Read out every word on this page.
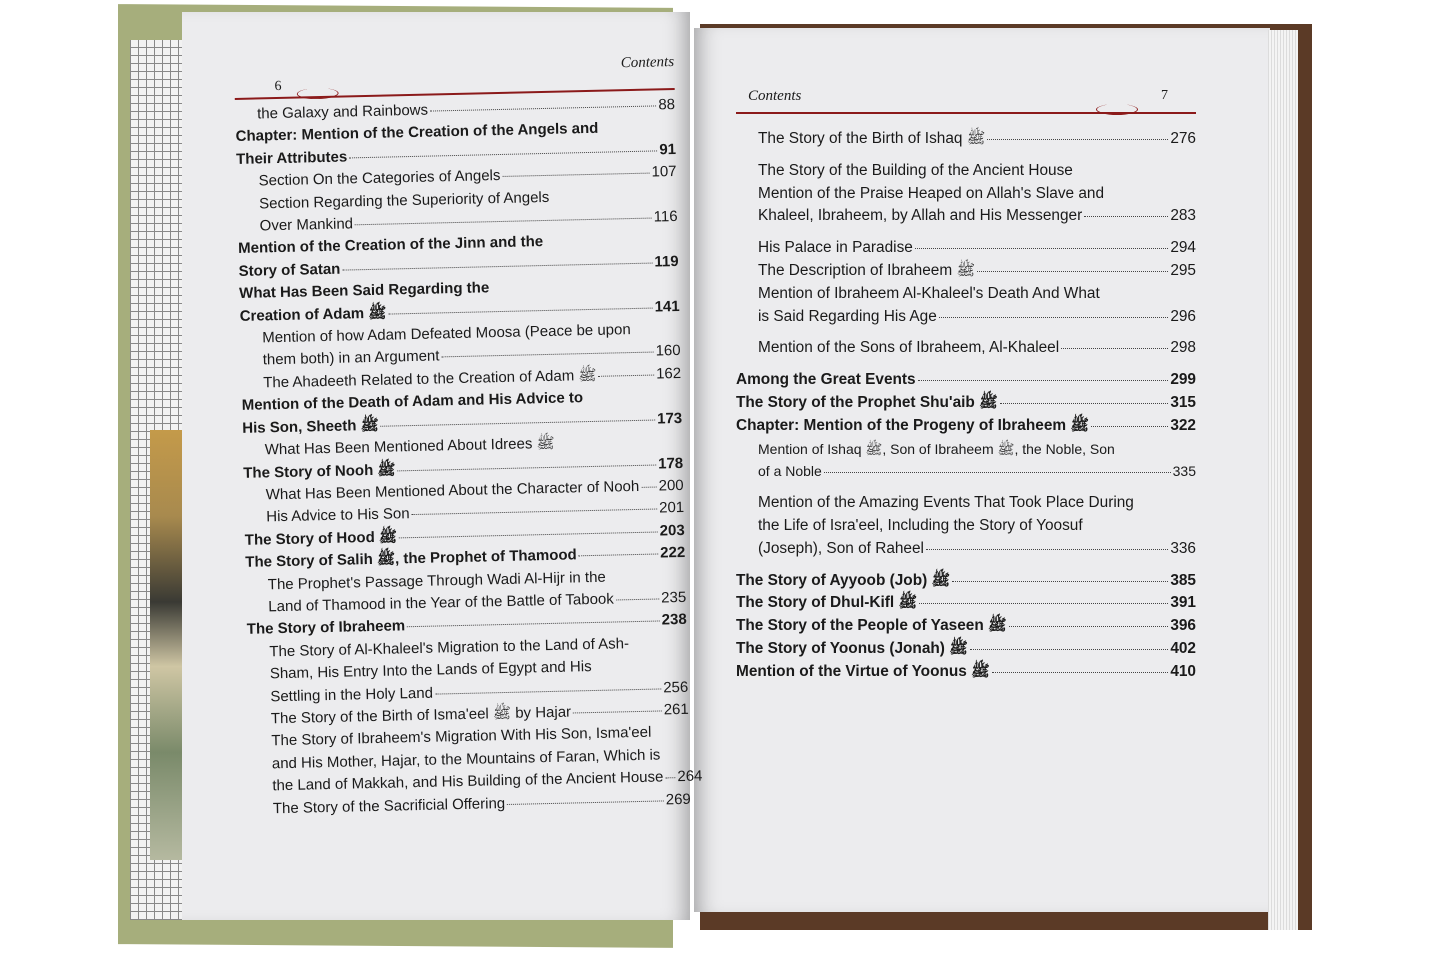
6
Contents
the Galaxy and Rainbows	88
Chapter: Mention of the Creation of the Angels and
Their Attributes	91
Section On the Categories of Angels	107
Section Regarding the Superiority of Angels
Over Mankind	116
Mention of the Creation of the Jinn and the
Story of Satan	119
What Has Been Said Regarding the
Creation of Adam ﷺ	141
Mention of how Adam Defeated Moosa (Peace be upon
them both) in an Argument	160
The Ahadeeth Related to the Creation of Adam ﷺ	162
Mention of the Death of Adam and His Advice to
His Son, Sheeth ﷺ	173
What Has Been Mentioned About Idrees ﷺ
The Story of Nooh ﷺ	178
What Has Been Mentioned About the Character of Nooh 200
His Advice to His Son	201
The Story of Hood ﷺ	203
The Story of Salih ﷺ, the Prophet of Thamood	222
The Prophet's Passage Through Wadi Al-Hijr in the
Land of Thamood in the Year of the Battle of Tabook	235
The Story of Ibraheem	238
The Story of Al-Khaleel's Migration to the Land of Ash-
Sham, His Entry Into the Lands of Egypt and His
Settling in the Holy Land	256
The Story of the Birth of Isma'eel ﷺ by Hajar	261
The Story of Ibraheem's Migration With His Son, Isma'eel
and His Mother, Hajar, to the Mountains of Faran, Which is
the Land of Makkah, and His Building of the Ancient House 264
The Story of the Sacrificial Offering	269
Contents	7
The Story of the Birth of Ishaq ﷺ	276
The Story of the Building of the Ancient House
Mention of the Praise Heaped on Allah's Slave and
Khaleel, Ibraheem, by Allah and His Messenger	283
His Palace in Paradise	294
The Description of Ibraheem ﷺ	295
Mention of Ibraheem Al-Khaleel's Death And What
is Said Regarding His Age	296
Mention of the Sons of Ibraheem, Al-Khaleel	298
Among the Great Events	299
The Story of the Prophet Shu'aib ﷺ	315
Chapter: Mention of the Progeny of Ibraheem ﷺ	322
Mention of Ishaq ﷺ, Son of Ibraheem ﷺ, the Noble, Son
of a Noble	335
Mention of the Amazing Events That Took Place During
the Life of Isra'eel, Including the Story of Yoosuf
(Joseph), Son of Raheel	336
The Story of Ayyoob (Job) ﷺ	385
The Story of Dhul-Kifl ﷺ	391
The Story of the People of Yaseen ﷺ	396
The Story of Yoonus (Jonah) ﷺ	402
Mention of the Virtue of Yoonus ﷺ	410
